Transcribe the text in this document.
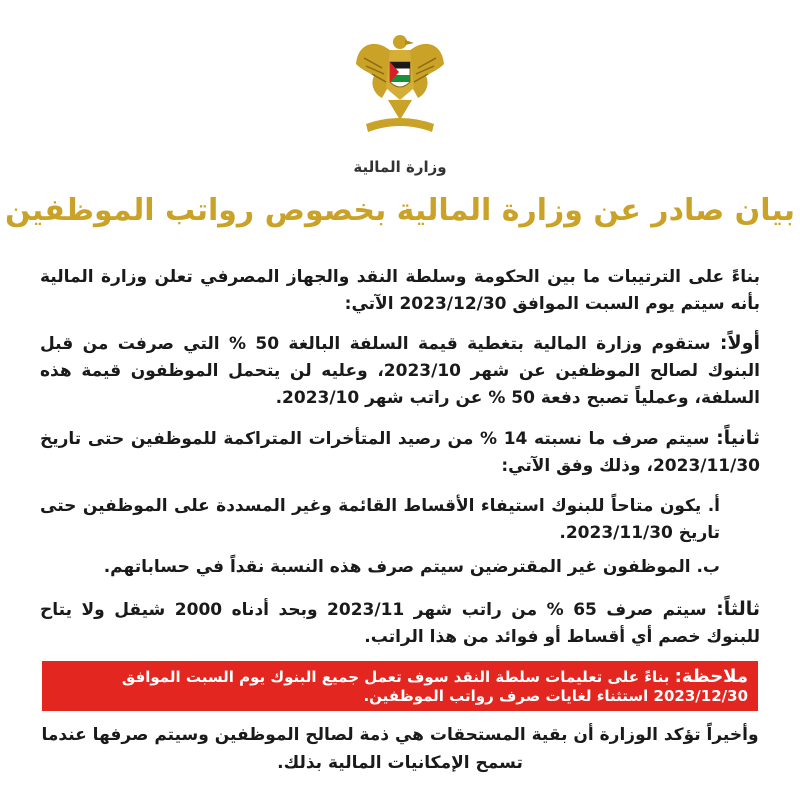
وزارة المالية
بيان صادر عن وزارة المالية بخصوص رواتب الموظفين
بناءً على الترتيبات ما بين الحكومة وسلطة النقد والجهاز المصرفي تعلن وزارة المالية بأنه سيتم يوم السبت الموافق 2023/12/30 الآتي:
أولاً: ستقوم وزارة المالية بتغطية قيمة السلفة البالغة 50 % التي صرفت من قبل البنوك لصالح الموظفين عن شهر 2023/10، وعليه لن يتحمل الموظفون قيمة هذه السلفة، وعملياً تصبح دفعة 50 % عن راتب شهر 2023/10.
ثانياً: سيتم صرف ما نسبته 14 % من رصيد المتأخرات المتراكمة للموظفين حتى تاريخ 2023/11/30، وذلك وفق الآتي:
أ. يكون متاحاً للبنوك استيفاء الأقساط القائمة وغير المسددة على الموظفين حتى تاريخ 2023/11/30.
ب. الموظفون غير المقترضين سيتم صرف هذه النسبة نقداً في حساباتهم.
ثالثاً: سيتم صرف 65 % من راتب شهر 2023/11 وبحد أدناه 2000 شيقل ولا يتاح للبنوك خصم أي أقساط أو فوائد من هذا الراتب.
ملاحظة: بناءً على تعليمات سلطة النقد سوف تعمل جميع البنوك يوم السبت الموافق 2023/12/30 استثناء لغايات صرف رواتب الموظفين.
وأخيراً تؤكد الوزارة أن بقية المستحقات هي ذمة لصالح الموظفين وسيتم صرفها عندما تسمح الإمكانيات المالية بذلك.
